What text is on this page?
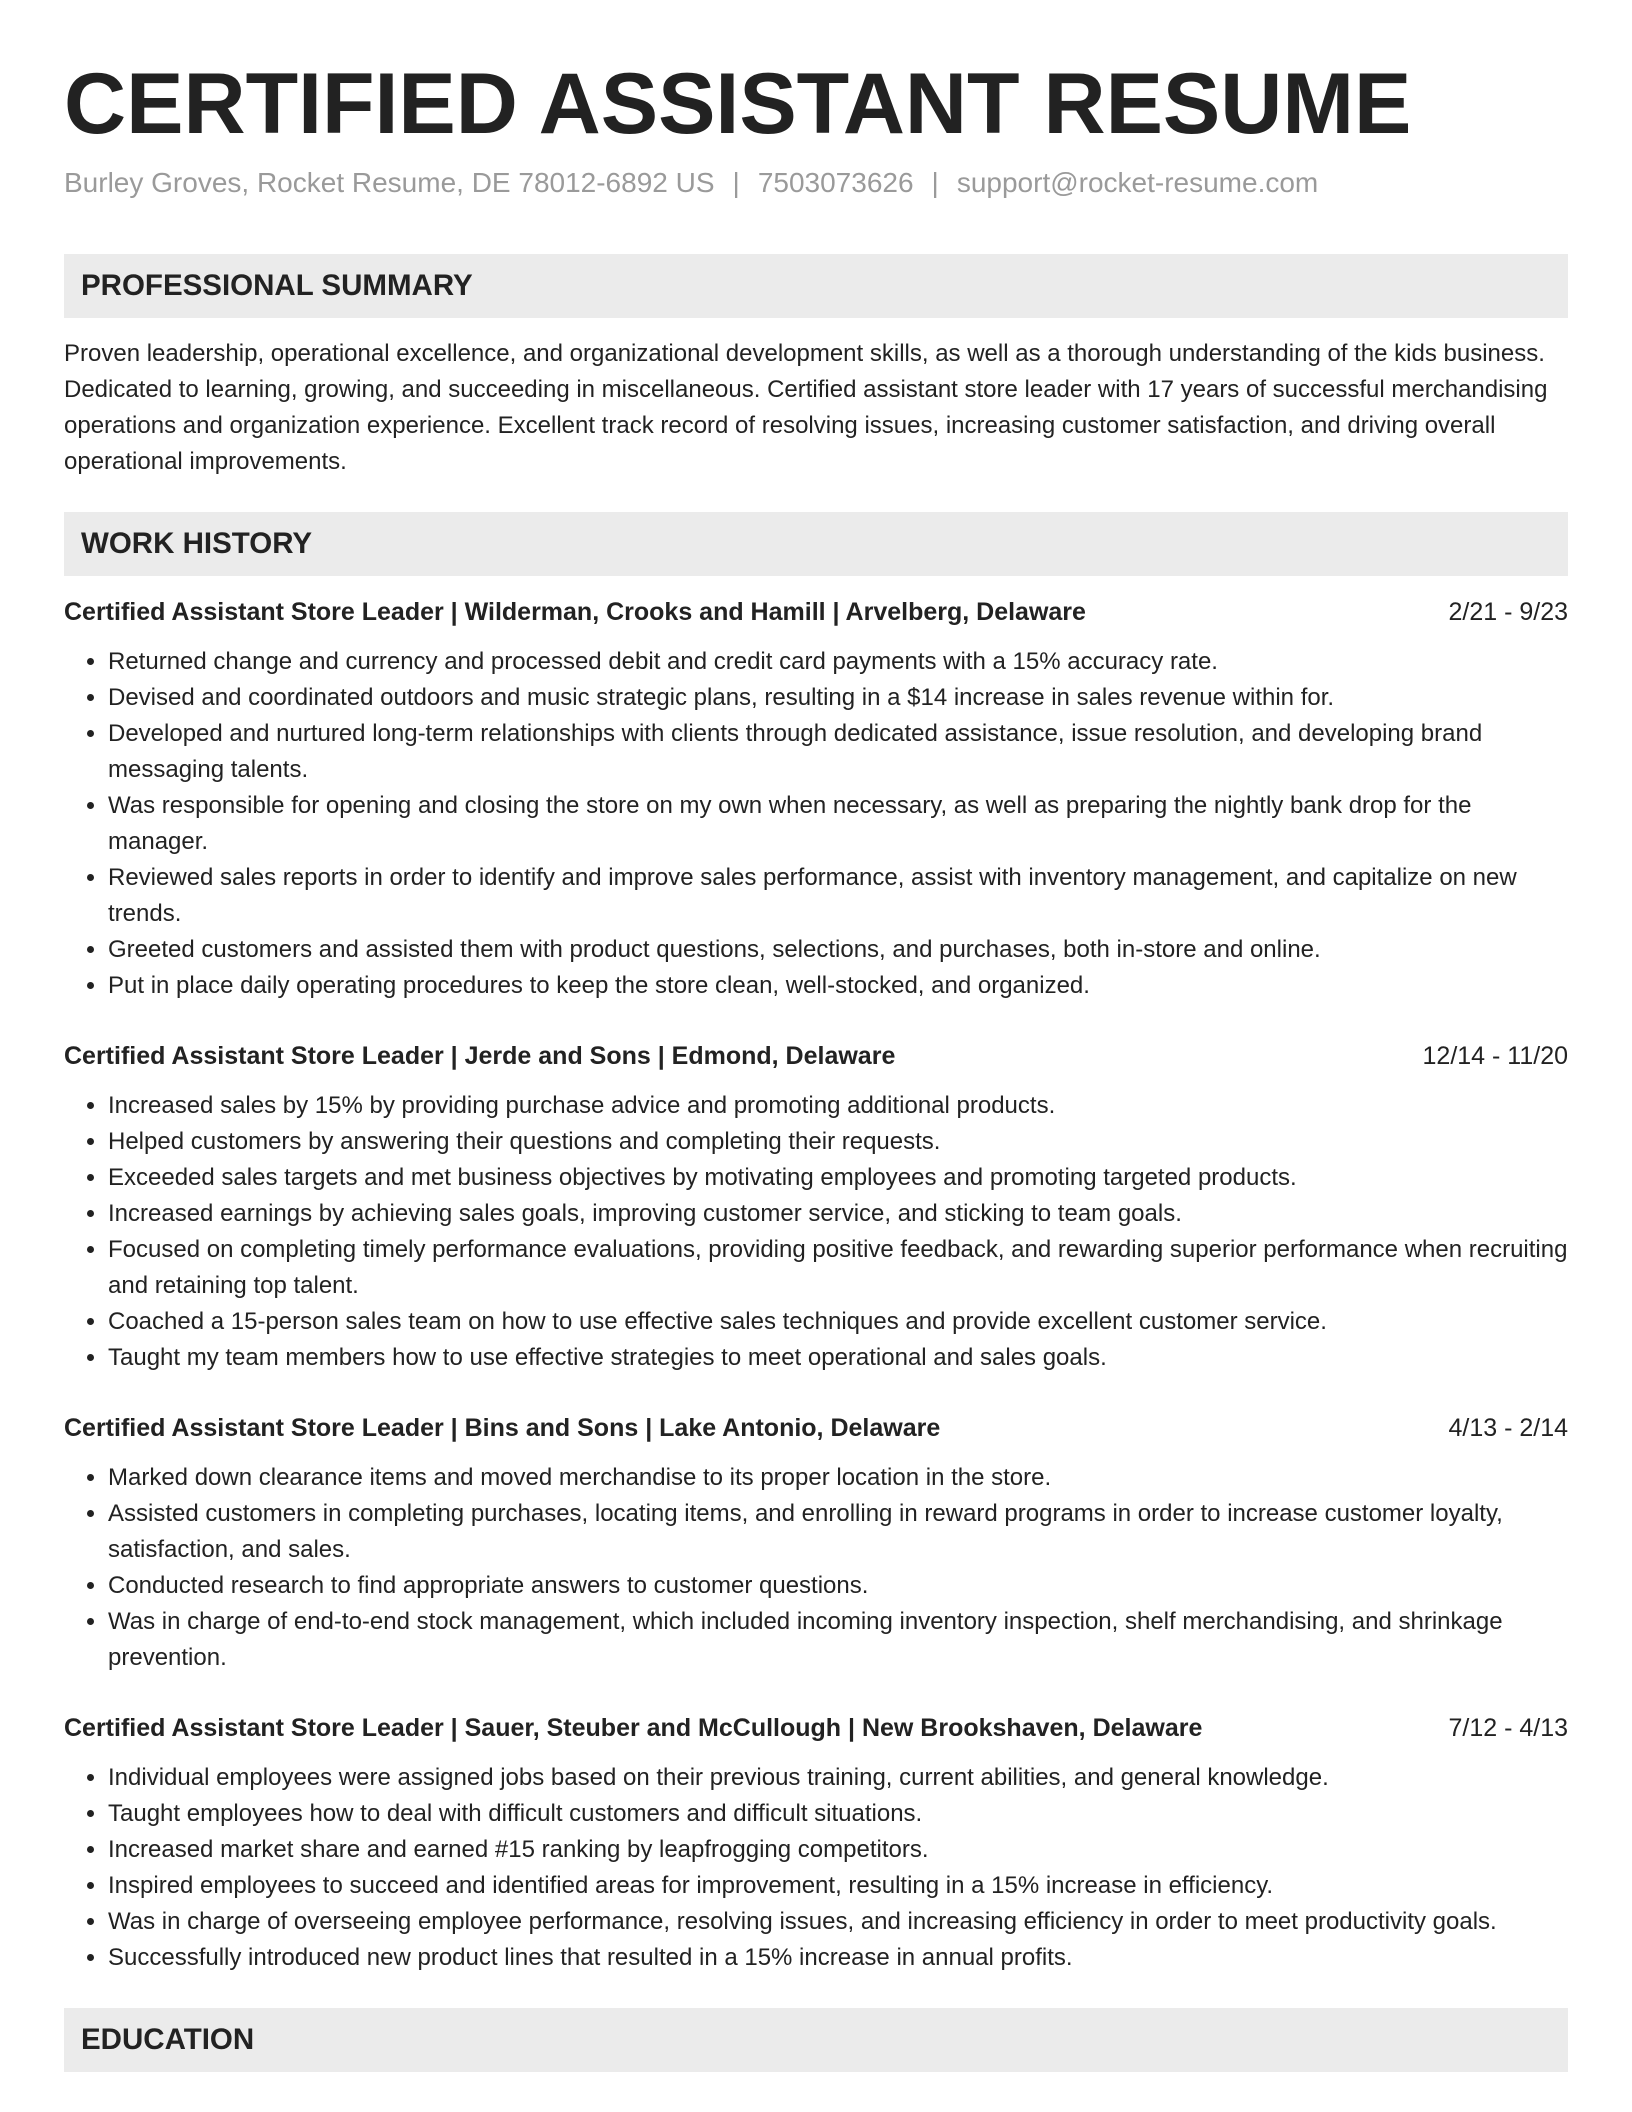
CERTIFIED ASSISTANT RESUME
Burley Groves, Rocket Resume, DE 78012-6892 US | 7503073626 | support@rocket-resume.com
PROFESSIONAL SUMMARY
Proven leadership, operational excellence, and organizational development skills, as well as a thorough understanding of the kids business. Dedicated to learning, growing, and succeeding in miscellaneous. Certified assistant store leader with 17 years of successful merchandising operations and organization experience. Excellent track record of resolving issues, increasing customer satisfaction, and driving overall operational improvements.
WORK HISTORY
Certified Assistant Store Leader | Wilderman, Crooks and Hamill | Arvelberg, Delaware	2/21 - 9/23
• Returned change and currency and processed debit and credit card payments with a 15% accuracy rate.
• Devised and coordinated outdoors and music strategic plans, resulting in a $14 increase in sales revenue within for.
• Developed and nurtured long-term relationships with clients through dedicated assistance, issue resolution, and developing brand messaging talents.
• Was responsible for opening and closing the store on my own when necessary, as well as preparing the nightly bank drop for the manager.
• Reviewed sales reports in order to identify and improve sales performance, assist with inventory management, and capitalize on new trends.
• Greeted customers and assisted them with product questions, selections, and purchases, both in-store and online.
• Put in place daily operating procedures to keep the store clean, well-stocked, and organized.
Certified Assistant Store Leader | Jerde and Sons | Edmond, Delaware	12/14 - 11/20
• Increased sales by 15% by providing purchase advice and promoting additional products.
• Helped customers by answering their questions and completing their requests.
• Exceeded sales targets and met business objectives by motivating employees and promoting targeted products.
• Increased earnings by achieving sales goals, improving customer service, and sticking to team goals.
• Focused on completing timely performance evaluations, providing positive feedback, and rewarding superior performance when recruiting and retaining top talent.
• Coached a 15-person sales team on how to use effective sales techniques and provide excellent customer service.
• Taught my team members how to use effective strategies to meet operational and sales goals.
Certified Assistant Store Leader | Bins and Sons | Lake Antonio, Delaware	4/13 - 2/14
• Marked down clearance items and moved merchandise to its proper location in the store.
• Assisted customers in completing purchases, locating items, and enrolling in reward programs in order to increase customer loyalty, satisfaction, and sales.
• Conducted research to find appropriate answers to customer questions.
• Was in charge of end-to-end stock management, which included incoming inventory inspection, shelf merchandising, and shrinkage prevention.
Certified Assistant Store Leader | Sauer, Steuber and McCullough | New Brookshaven, Delaware	7/12 - 4/13
• Individual employees were assigned jobs based on their previous training, current abilities, and general knowledge.
• Taught employees how to deal with difficult customers and difficult situations.
• Increased market share and earned #15 ranking by leapfrogging competitors.
• Inspired employees to succeed and identified areas for improvement, resulting in a 15% increase in efficiency.
• Was in charge of overseeing employee performance, resolving issues, and increasing efficiency in order to meet productivity goals.
• Successfully introduced new product lines that resulted in a 15% increase in annual profits.
EDUCATION
